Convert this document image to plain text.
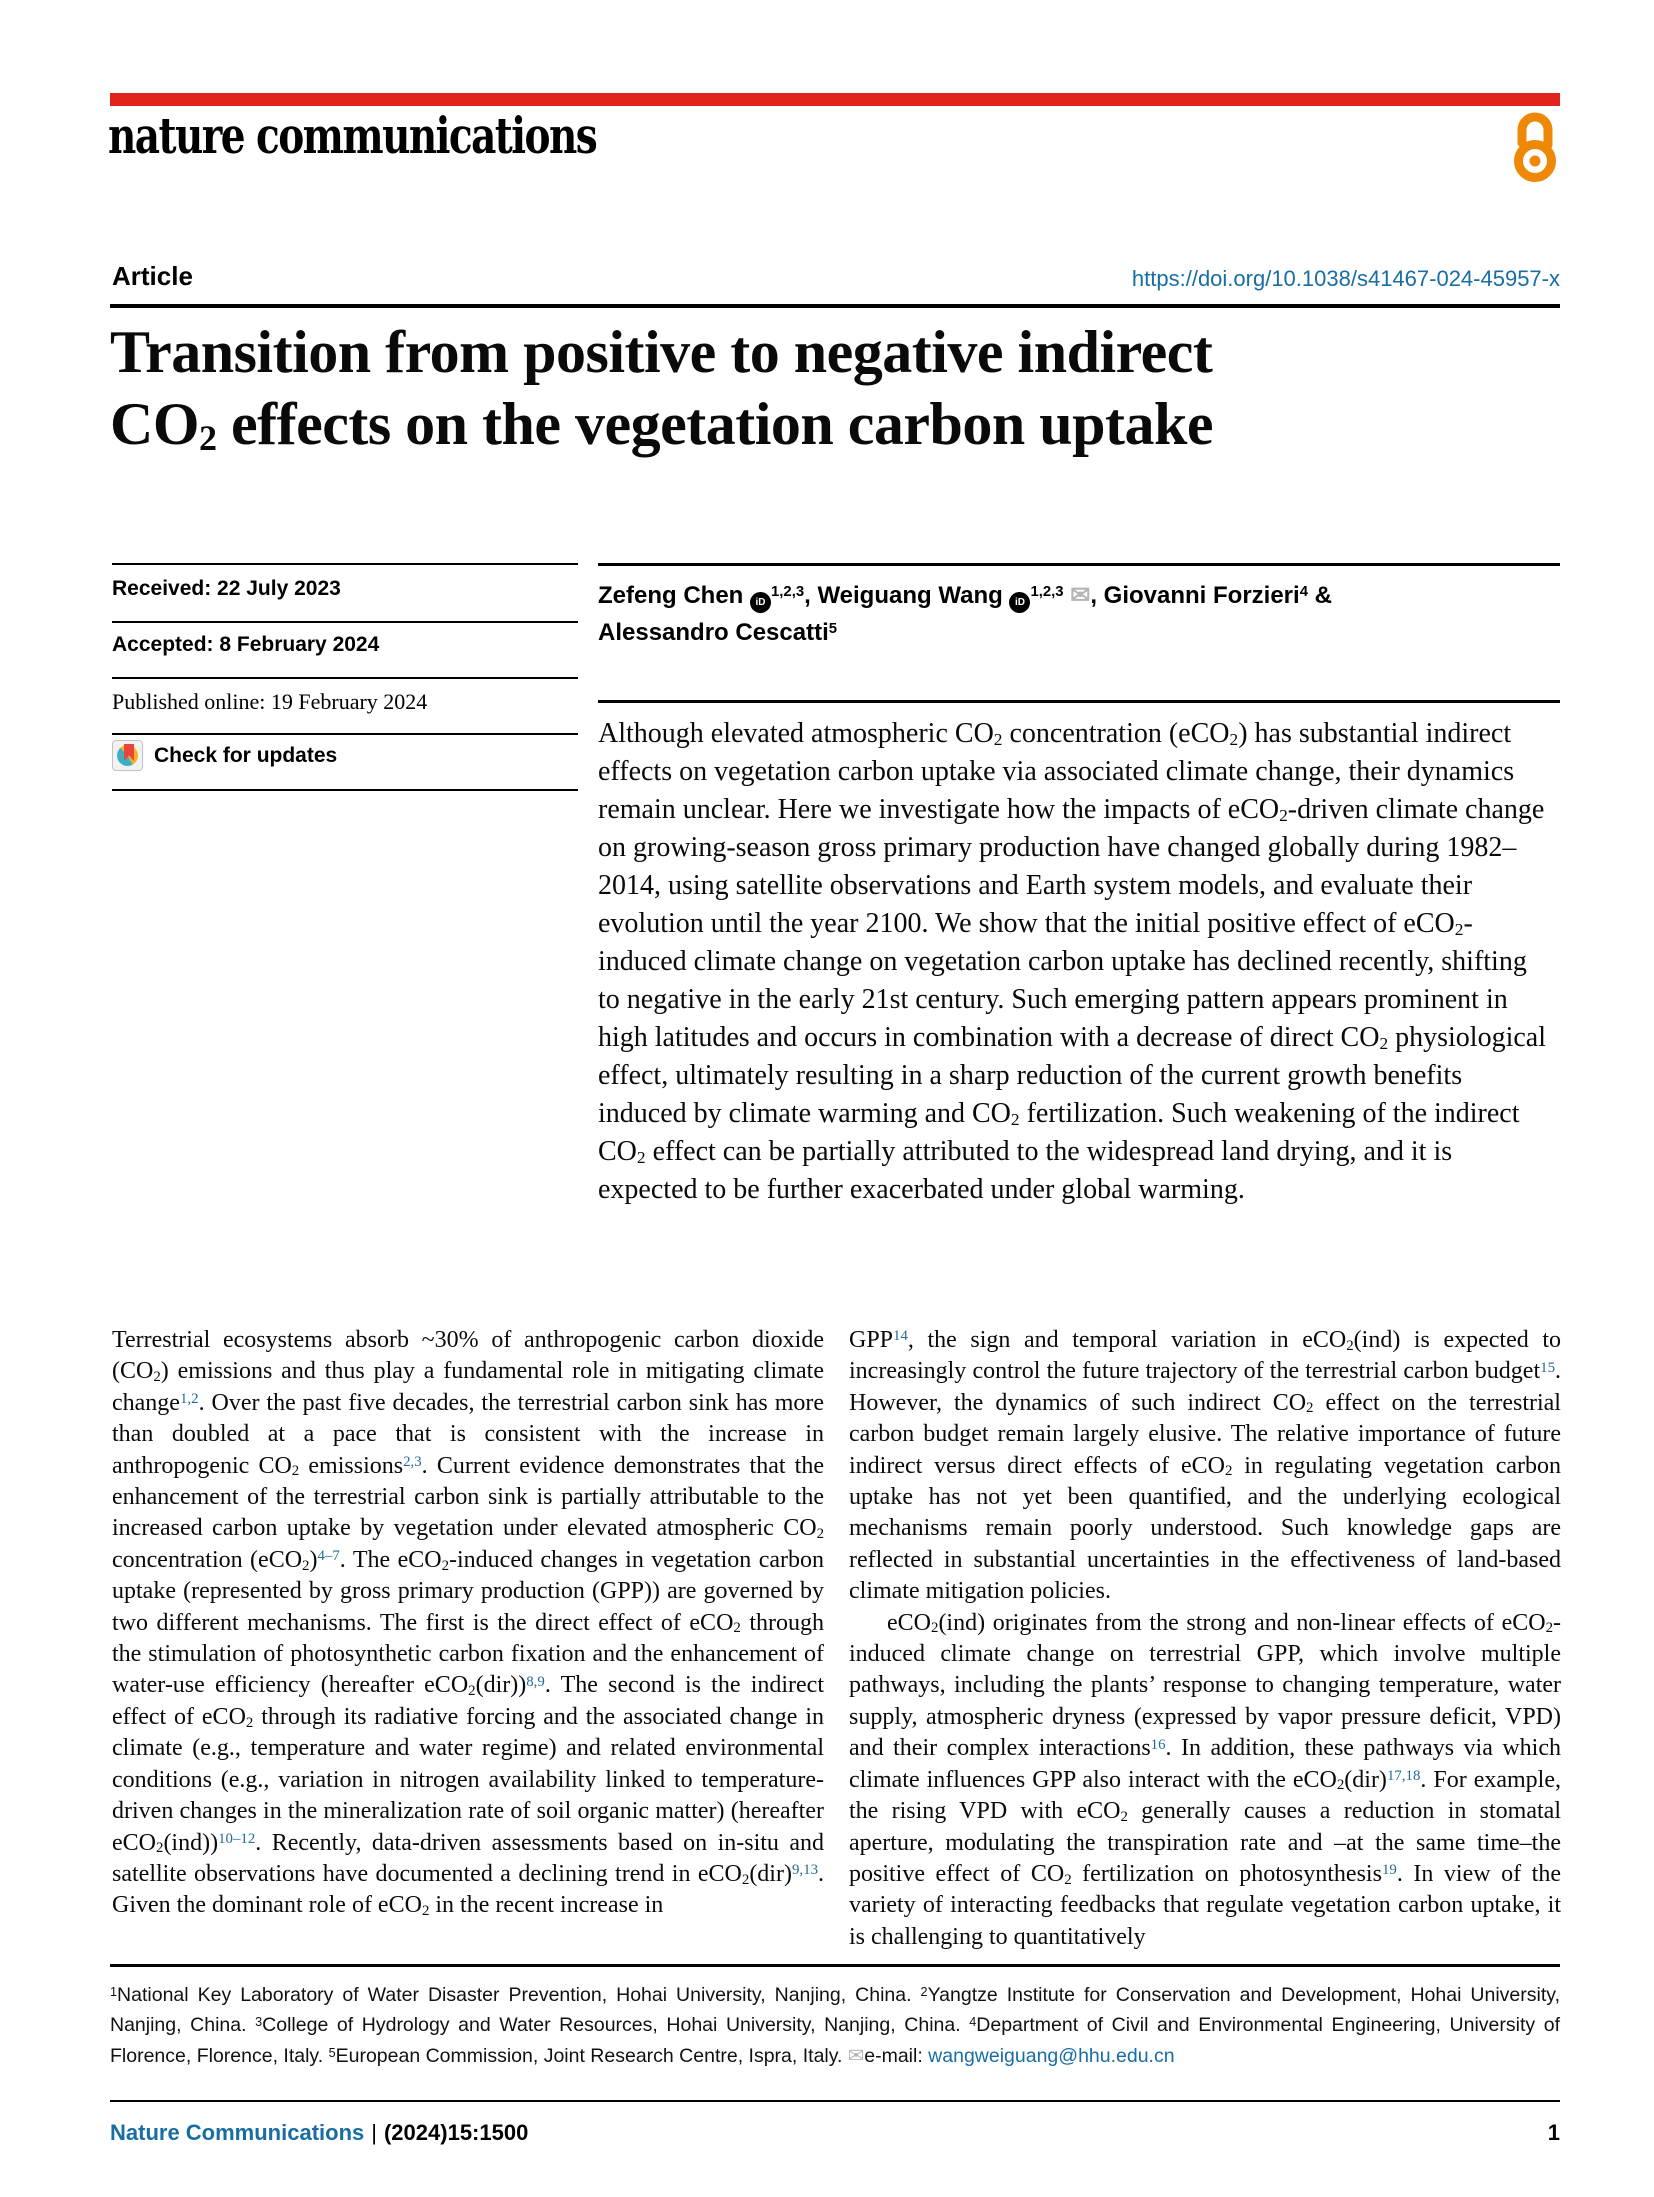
nature communications
Article	https://doi.org/10.1038/s41467-024-45957-x
Transition from positive to negative indirect
$CO_2$ effects on the vegetation carbon uptake
Received: 22 July 2023
Accepted: 8 February 2024
Published online: 19 February 2024
Check for updates
Zefeng Chen iD$^{1,2,3}$, Weiguang Wang iD$^{1,2,3}$ ✉, Giovanni Forzieri$^4$ &
Alessandro Cescatti$^5$
Although elevated atmospheric $CO_2$ concentration (eCO$_2$) has substantial indirect effects on vegetation carbon uptake via associated climate change, their dynamics remain unclear. Here we investigate how the impacts of eCO$_2$-driven climate change on growing-season gross primary production have changed globally during 1982–2014, using satellite observations and Earth system models, and evaluate their evolution until the year 2100. We show that the initial positive effect of eCO$_2$-induced climate change on vegetation carbon uptake has declined recently, shifting to negative in the early 21st century. Such emerging pattern appears prominent in high latitudes and occurs in combination with a decrease of direct $CO_2$ physiological effect, ultimately resulting in a sharp reduction of the current growth benefits induced by climate warming and $CO_2$ fertilization. Such weakening of the indirect $CO_2$ effect can be partially attributed to the widespread land drying, and it is expected to be further exacerbated under global warming.

Terrestrial ecosystems absorb ~30% of anthropogenic carbon dioxide $(CO_2)$ emissions and thus play a fundamental role in mitigating climate change$^{1,2}$. Over the past five decades, the terrestrial carbon sink has more than doubled at a pace that is consistent with the increase in anthropogenic $CO_2$ emissions$^{2,3}$. Current evidence demonstrates that the enhancement of the terrestrial carbon sink is partially attributable to the increased carbon uptake by vegetation under elevated atmospheric $CO_2$ concentration (eCO$_2$)$^{4-7}$. The eCO$_2$-induced changes in vegetation carbon uptake (represented by gross primary production (GPP)) are governed by two different mechanisms. The first is the direct effect of eCO$_2$ through the stimulation of photosynthetic carbon fixation and the enhancement of water-use efficiency (hereafter eCO$_2$(dir))$^{8,9}$. The second is the indirect effect of eCO$_2$ through its radiative forcing and the associated change in climate (e.g., temperature and water regime) and related environmental conditions (e.g., variation in nitrogen availability linked to temperature-driven changes in the mineralization rate of soil organic matter) (hereafter eCO$_2$(ind))$^{10-12}$. Recently, data-driven assessments based on in-situ and satellite observations have documented a declining trend in eCO$_2$(dir)$^{9,13}$. Given the dominant role of eCO$_2$ in the recent increase in

GPP$^{14}$, the sign and temporal variation in eCO$_2$(ind) is expected to increasingly control the future trajectory of the terrestrial carbon budget$^{15}$. However, the dynamics of such indirect $CO_2$ effect on the terrestrial carbon budget remain largely elusive. The relative importance of future indirect versus direct effects of eCO$_2$ in regulating vegetation carbon uptake has not yet been quantified, and the underlying ecological mechanisms remain poorly understood. Such knowledge gaps are reflected in substantial uncertainties in the effectiveness of land-based climate mitigation policies.

eCO$_2$(ind) originates from the strong and non-linear effects of eCO$_2$-induced climate change on terrestrial GPP, which involve multiple pathways, including the plants’ response to changing temperature, water supply, atmospheric dryness (expressed by vapor pressure deficit, VPD) and their complex interactions$^{16}$. In addition, these pathways via which climate influences GPP also interact with the eCO$_2$(dir)$^{17,18}$. For example, the rising VPD with eCO$_2$ generally causes a reduction in stomatal aperture, modulating the transpiration rate and –at the same time–the positive effect of $CO_2$ fertilization on photosynthesis$^{19}$. In view of the variety of interacting feedbacks that regulate vegetation carbon uptake, it is challenging to quantitatively

$^1$National Key Laboratory of Water Disaster Prevention, Hohai University, Nanjing, China. $^2$Yangtze Institute for Conservation and Development, Hohai University, Nanjing, China. $^3$College of Hydrology and Water Resources, Hohai University, Nanjing, China. $^4$Department of Civil and Environmental Engineering, University of Florence, Florence, Italy. $^5$European Commission, Joint Research Centre, Ispra, Italy. ✉e-mail: wangweiguang@hhu.edu.cn
Nature Communications | (2024)15:1500	1
